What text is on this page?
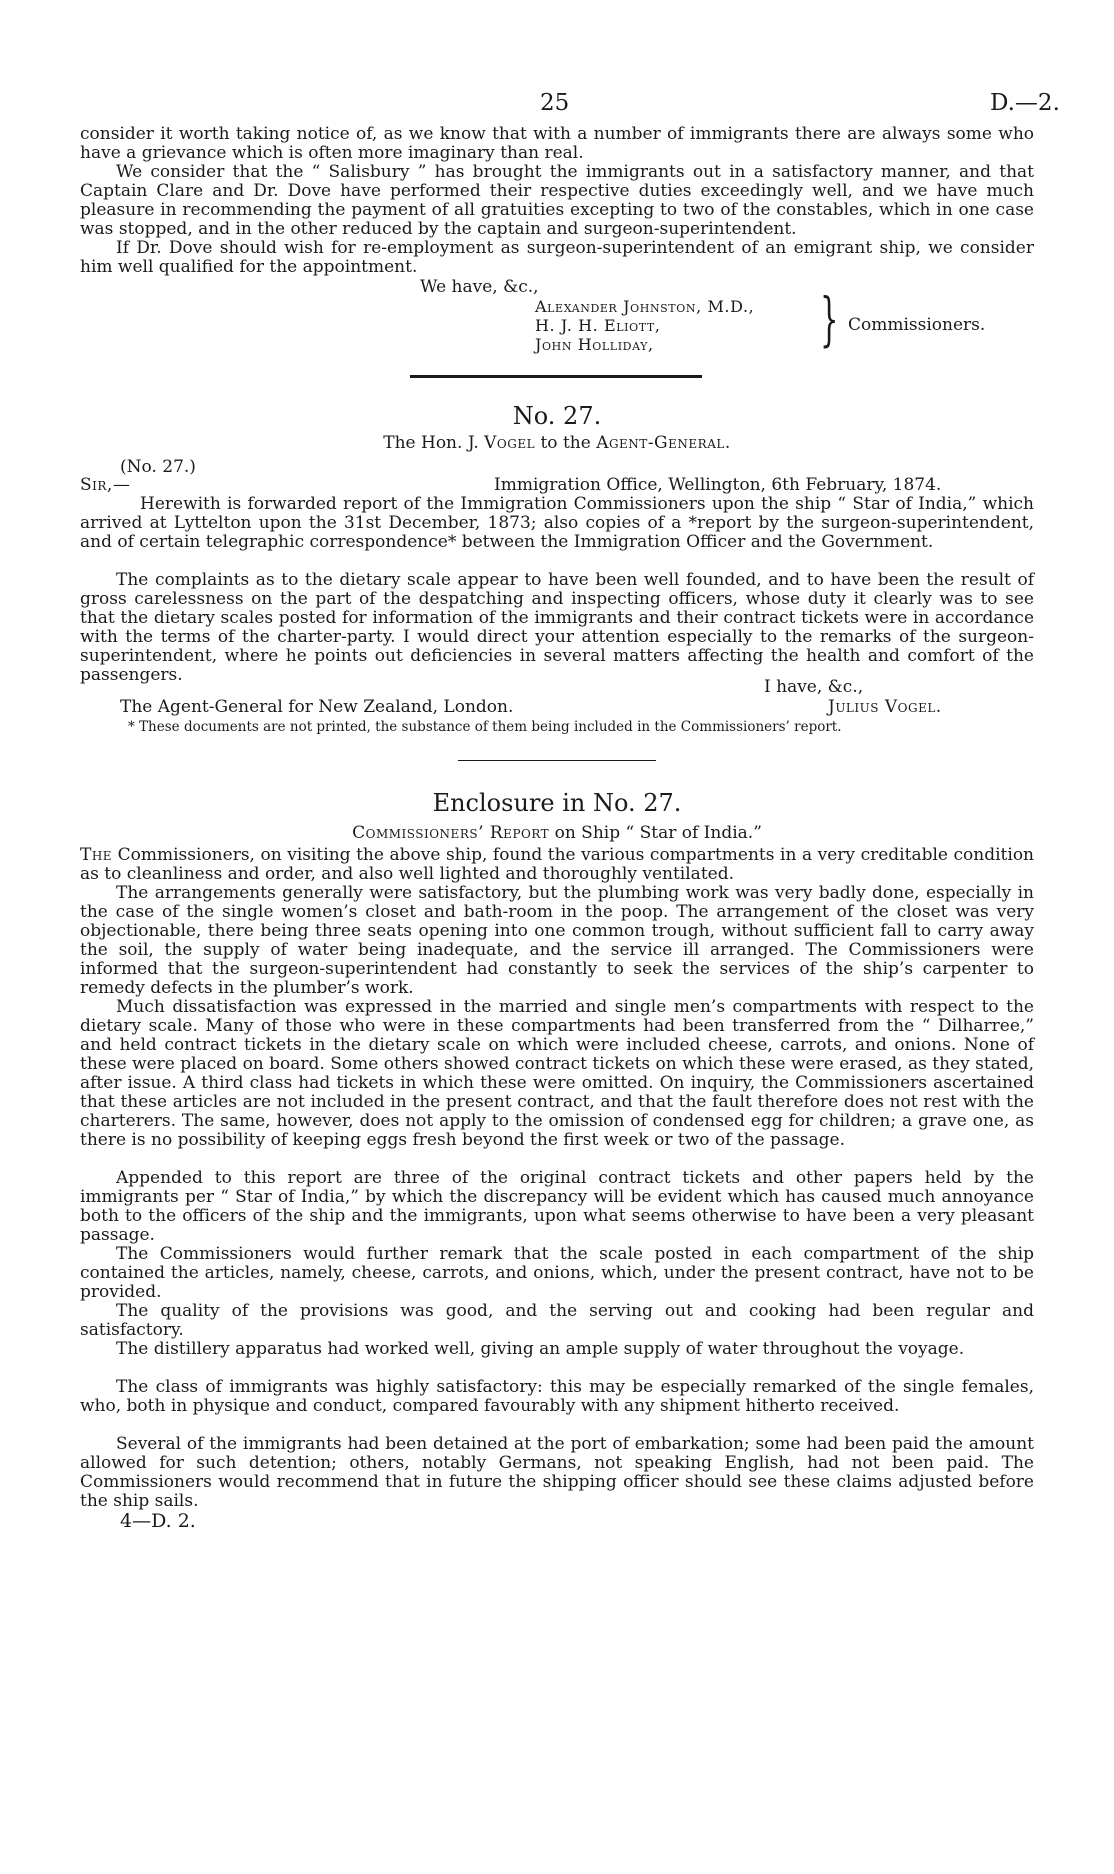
25	D.—2.

consider it worth taking notice of, as we know that with a number of immigrants there are always some who have a grievance which is often more imaginary than real.

We consider that the “ Salisbury ” has brought the immigrants out in a satisfactory manner, and that Captain Clare and Dr. Dove have performed their respective duties exceedingly well, and we have much pleasure in recommending the payment of all gratuities excepting to two of the constables, which in one case was stopped, and in the other reduced by the captain and surgeon-superintendent.

If Dr. Dove should wish for re-employment as surgeon-superintendent of an emigrant ship, we consider him well qualified for the appointment.

We have, &c.,
Alexander Johnston, M.D.,
H. J. H. Eliott,
John Holliday,	} Commissioners.
No. 27.
The Hon. J. Vogel to the Agent-General.
(No. 27.)
Sir,—	Immigration Office, Wellington, 6th February, 1874.

Herewith is forwarded report of the Immigration Commissioners upon the ship “ Star of India,” which arrived at Lyttelton upon the 31st December, 1873; also copies of a *report by the surgeon-superintendent, and of certain telegraphic correspondence* between the Immigration Officer and the Government.

The complaints as to the dietary scale appear to have been well founded, and to have been the result of gross carelessness on the part of the despatching and inspecting officers, whose duty it clearly was to see that the dietary scales posted for information of the immigrants and their contract tickets were in accordance with the terms of the charter-party. I would direct your attention especially to the remarks of the surgeon-superintendent, where he points out deficiencies in several matters affecting the health and comfort of the passengers.

I have, &c.,
The Agent-General for New Zealand, London.	Julius Vogel.
* These documents are not printed, the substance of them being included in the Commissioners’ report.
Enclosure in No. 27.
Commissioners’ Report on Ship “ Star of India.”

The Commissioners, on visiting the above ship, found the various compartments in a very creditable condition as to cleanliness and order, and also well lighted and thoroughly ventilated.

The arrangements generally were satisfactory, but the plumbing work was very badly done, especially in the case of the single women’s closet and bath-room in the poop. The arrangement of the closet was very objectionable, there being three seats opening into one common trough, without sufficient fall to carry away the soil, the supply of water being inadequate, and the service ill arranged. The Commissioners were informed that the surgeon-superintendent had constantly to seek the services of the ship’s carpenter to remedy defects in the plumber’s work.

Much dissatisfaction was expressed in the married and single men’s compartments with respect to the dietary scale. Many of those who were in these compartments had been transferred from the “ Dilharree,” and held contract tickets in the dietary scale on which were included cheese, carrots, and onions. None of these were placed on board. Some others showed contract tickets on which these were erased, as they stated, after issue. A third class had tickets in which these were omitted. On inquiry, the Commissioners ascertained that these articles are not included in the present contract, and that the fault therefore does not rest with the charterers. The same, however, does not apply to the omission of condensed egg for children; a grave one, as there is no possibility of keeping eggs fresh beyond the first week or two of the passage.

Appended to this report are three of the original contract tickets and other papers held by the immigrants per “ Star of India,” by which the discrepancy will be evident which has caused much annoyance both to the officers of the ship and the immigrants, upon what seems otherwise to have been a very pleasant passage.

The Commissioners would further remark that the scale posted in each compartment of the ship contained the articles, namely, cheese, carrots, and onions, which, under the present contract, have not to be provided.

The quality of the provisions was good, and the serving out and cooking had been regular and satisfactory.

The distillery apparatus had worked well, giving an ample supply of water throughout the voyage.

The class of immigrants was highly satisfactory: this may be especially remarked of the single females, who, both in physique and conduct, compared favourably with any shipment hitherto received.

Several of the immigrants had been detained at the port of embarkation; some had been paid the amount allowed for such detention; others, notably Germans, not speaking English, had not been paid. The Commissioners would recommend that in future the shipping officer should see these claims adjusted before the ship sails.

4—D. 2.
